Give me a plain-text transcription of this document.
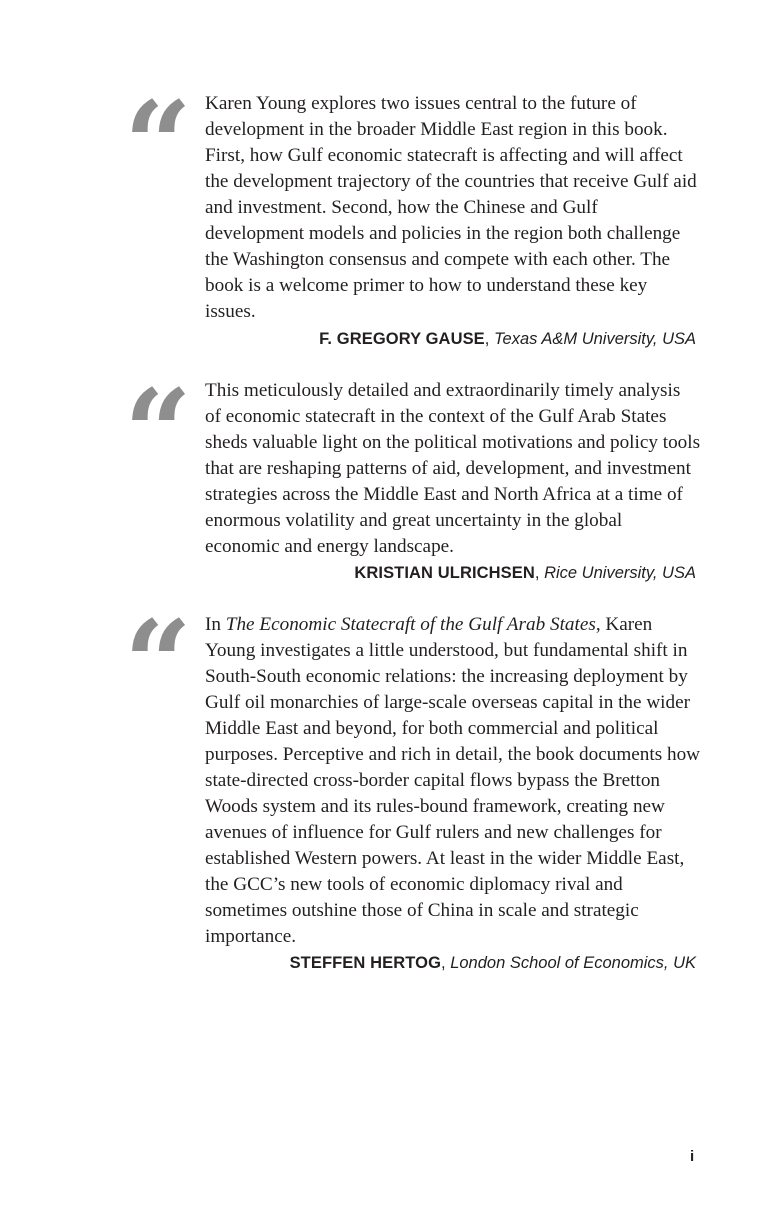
“ Karen Young explores two issues central to the future of development in the broader Middle East region in this book. First, how Gulf economic statecraft is affecting and will affect the development trajectory of the countries that receive Gulf aid and investment. Second, how the Chinese and Gulf development models and policies in the region both challenge the Washington consensus and compete with each other. The book is a welcome primer to how to understand these key issues.

F. GREGORY GAUSE, Texas A&M University, USA
“ This meticulously detailed and extraordinarily timely analysis of economic statecraft in the context of the Gulf Arab States sheds valuable light on the political motivations and policy tools that are reshaping patterns of aid, development, and investment strategies across the Middle East and North Africa at a time of enormous volatility and great uncertainty in the global economic and energy landscape.

KRISTIAN ULRICHSEN, Rice University, USA
“ In The Economic Statecraft of the Gulf Arab States, Karen Young investigates a little understood, but fundamental shift in South-South economic relations: the increasing deployment by Gulf oil monarchies of large-scale overseas capital in the wider Middle East and beyond, for both commercial and political purposes. Perceptive and rich in detail, the book documents how state-directed cross-border capital flows bypass the Bretton Woods system and its rules-bound framework, creating new avenues of influence for Gulf rulers and new challenges for established Western powers. At least in the wider Middle East, the GCC’s new tools of economic diplomacy rival and sometimes outshine those of China in scale and strategic importance.

STEFFEN HERTOG, London School of Economics, UK
i
